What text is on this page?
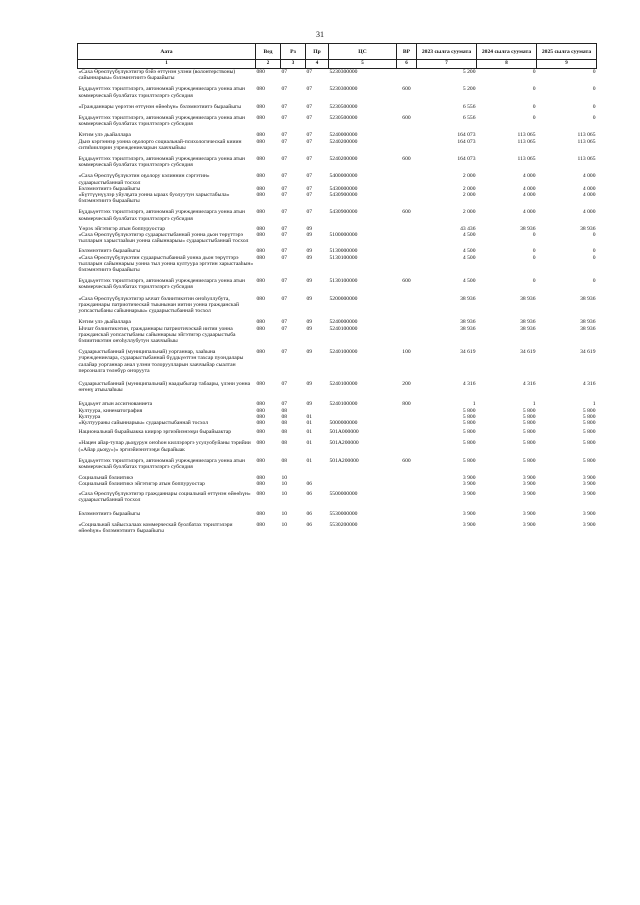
31
Аата	Вед	Рз	Пр	ЦС	ВР	2023 сылга суумата	2024 сылга суумата	2025 сылга суумата
1	2	3	4	5	6	7	8	9
«Саха Өрөспүүбүлүкэтигэр бэйэ өттүнэн улэни (волонтерствоны) сайыннарыы» бэлэмнэтиитэ быраайыгы	080	07	07	5230300000		5 200	0	0
Бүддьүөттээх тэрилтэлэргэ, автономнай учреждениеларга уонна атын коммерческай буолбатах тэрилтэлэргэ субсидия	080	07	07	5230300000	600	5 200	0	0
«Гражданнары үөрэтэн өттүнэн өйөөһүн» бэлэмнэтиитэ быраайыгы	080	07	07	5230500000		6 556	0	0
Бүддьүөттээх тэрилтэлэргэ, автономнай учреждениеларга уонна атын коммерческай буолбатах тэрилтэлэргэ субсидия	080	07	07	5230500000	600	6 556	0	0
Кэтим улэ дьайаллара	080	07	07	5240000000		164 073	113 065	113 065
Дьиэ кэргэннэр уонна оҕолорго социальнай-психологическай кииин ситиһиилэрин учреждениеларын хааччыйыы	080	07	07	5240200000		164 073	113 065	113 065
Бүддьүөттээх тэрилтэлэргэ, автономнай учреждениеларга уонна атын коммерческай буолбатах тэрилтэлэргэ субсидия	080	07	07	5240200000	600	164 073	113 065	113 065
«Саха Өрөспүүбүлүкэтин оҕолору кэлиннин сэргэтин» судаарыстыбаннай тосхол	080	07	07	5400000000		2 000	4 000	4 000
Бэлэмнэтиитэ быраайыгы	080	07	07	5430000000		2 000	4 000	4 000
«Бүттүүнүүлэр уйулҕата уонна ыраах буолуутун харыстабыла» бэлэмнэтиитэ быраайыгы	080	07	07	5430900000		2 000	4 000	4 000
Бүддьүөттээх тэрилтэлэргэ, автономнай учреждениеларга уонна атын коммерческай буолбатах тэрилтэлэргэ субсидия	080	07	07	5430900000	600	2 000	4 000	4 000
Үөрэх эйгэтигэр атын боппуруостар	080	07	09			43 436	38 936	38 936
«Саха Өрөспүүбүлүкэтигэр судаарыстыбаннай уонна дьон төрүттэрэ тылларын харыстааһын уонна сайыннарыы» судаарыстыбаннай тосхол	080	07	09	5100000000		4 500	0	0
Бэлэмнэтиитэ быраайыгы	080	07	09	5130000000		4 500	0	0
«Саха Өрөспүүбүлүкэтин судаарыстыбаннай уонна дьон төрүттэрэ тылларын сайыннарыы уонна тыл уонна култуура эргэтин харыстааһын» бэлэмнэтиитэ быраайыгы	080	07	09	5130100000		4 500	0	0
Бүддьүөттээх тэрилтэлэргэ, автономнай учреждениеларга уонна атын коммерческай буолбатах тэрилтэлэргэ субсидия	080	07	09	5130100000	600	4 500	0	0
«Саха Өрөспүүбүлүкэтигэр ыччат бэлиитикэтин оҥоһуллубута, гражданнары патриотическай тыынынан иитии уонна гражданскай уопсастыбаны сайыннарыы» судаарыстыбаннай тосхол	080	07	09	5200000000		38 936	38 936	38 936
Кэтим улэ дьайаллара	080	07	09	5240000000		38 936	38 936	38 936
Ыччат бэлиитикэтин, гражданнары патриотичэскай иитии уонна гражданскай уопсастыбаны сайыннарыы эйгэтигэр судаарыстыба бэлиитикэтин оҥоһуллубутун хааччыйыы	080	07	09	5240100000		38 936	38 936	38 936
Судаарыстыбаннай (муниципальнай) уорганнар, хааһына учреждениелара, судаарыстыбаннай бүддьүөттэн тахсар пуондалары салайар уорганнар анал үлэни толоруулларын хааччыйар сыалтан персоналга төлөбүр оҥоруута	080	07	09	5240100000	100	34 619	34 619	34 619
Судаарыстыбаннай (муниципальнай) наадыбыгар табаары, үлэни уонна өҥөнү атыылаһыы	080	07	09	5240100000	200	4 316	4 316	4 316
Бүддьүөт атын ассигнованиета	080	07	09	5240100000	800	1	1	1
Култуура, кинематография	080	08				5 800	5 800	5 800
Култуура	080	08	01			5 800	5 800	5 800
«Култуураны сайыннарыы» судаарыстыбаннай тосхол	080	08	01	5000000000		5 800	5 800	5 800
Национальнай бырайыакка киирэр эргиэйиэнээҕи бырайыактар	080	08	01	501A000000		5 800	5 800	5 800
«Нацен айар-тупар дьоҕурун оҥоһон киллэрэргэ усулуобуйаны тэрийии («Айар дьоҕу»)» эргиэйиэнэтээҕи бырайыак	080	08	01	501A200000		5 800	5 800	5 800
Бүддьүөттээх тэрилтэлэргэ, автономнай учреждениеларга уонна атын коммерческай буолбатах тэрилтэлэргэ субсидия	080	08	01	501A200000	600	5 800	5 800	5 800
Социальнай бэлиитикэ	080	10				3 900	3 900	3 900
Социальнай бэлиитикэ эйгэтигэр атын боппуруостар	080	10	06			3 900	3 900	3 900
«Саха Өрөспүүбүлүкэтигэр гражданнары социальнай өттүнэн өйөөһүн» судаарыстыбаннай тосхол	080	10	06	5500000000		3 900	3 900	3 900
Бэлэмнэтиитэ быраайыгы	080	10	06	5530000000		3 900	3 900	3 900
«Социальнай хайысхалаах коммерческай буолбатах тэрилтэлэри өйөөһүн» бэлэмнэтиитэ быраайыгы	080	10	06	5530200000		3 900	3 900	3 900
